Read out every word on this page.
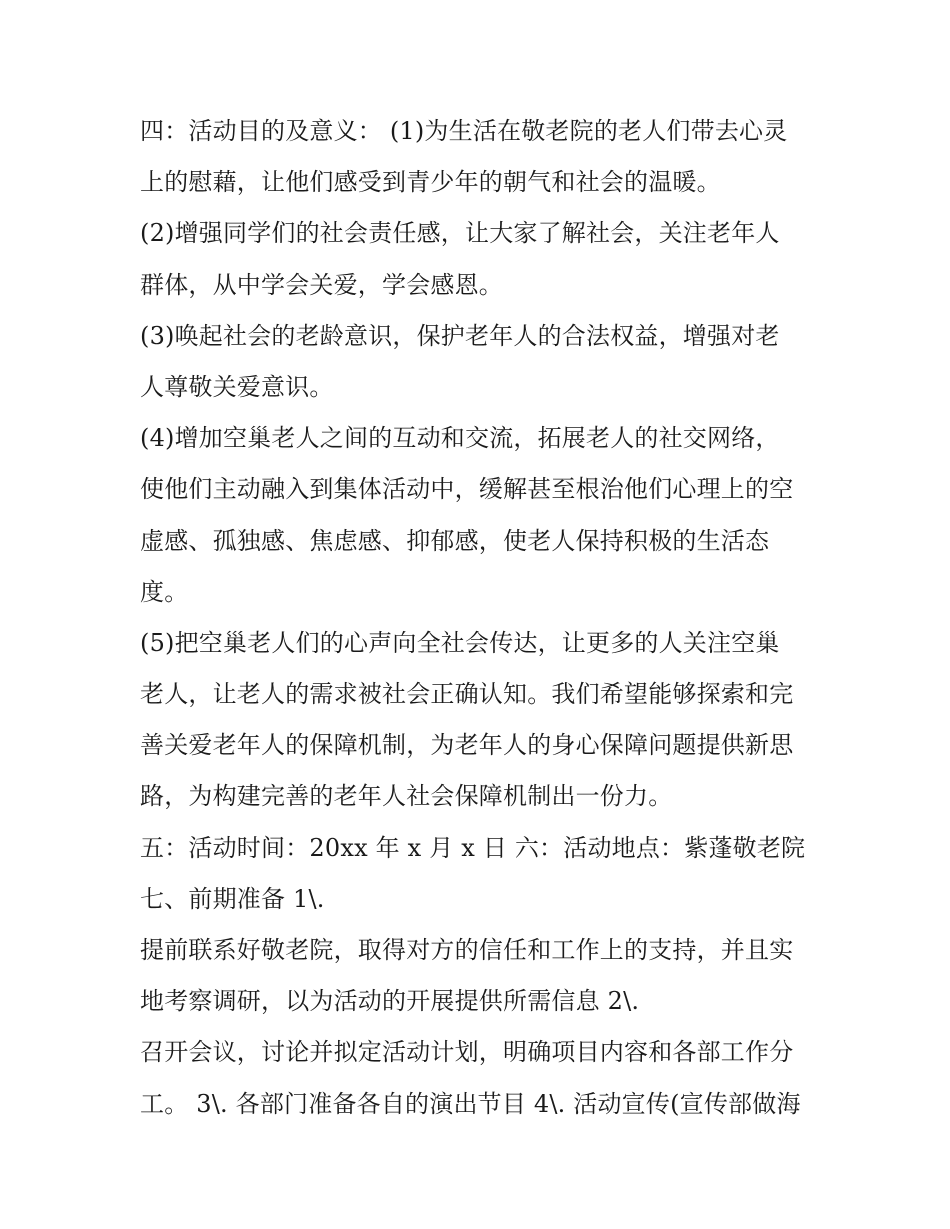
四：活动目的及意义： (1)为生活在敬老院的老人们带去心灵
上的慰藉，让他们感受到青少年的朝气和社会的温暖。
(2)增强同学们的社会责任感，让大家了解社会，关注老年人
群体，从中学会关爱，学会感恩。
(3)唤起社会的老龄意识，保护老年人的合法权益，增强对老
人尊敬关爱意识。
(4)增加空巢老人之间的互动和交流，拓展老人的社交网络，
使他们主动融入到集体活动中，缓解甚至根治他们心理上的空
虚感、孤独感、焦虑感、抑郁感，使老人保持积极的生活态
度。
(5)把空巢老人们的心声向全社会传达，让更多的人关注空巢
老人，让老人的需求被社会正确认知。我们希望能够探索和完
善关爱老年人的保障机制，为老年人的身心保障问题提供新思
路，为构建完善的老年人社会保障机制出一份力。
五：活动时间：20xx 年 x 月 x 日 六：活动地点：紫蓬敬老院
七、前期准备 1\.
提前联系好敬老院，取得对方的信任和工作上的支持，并且实
地考察调研，以为活动的开展提供所需信息 2\.
召开会议，讨论并拟定活动计划，明确项目内容和各部工作分
工。 3\. 各部门准备各自的演出节目 4\. 活动宣传(宣传部做海
